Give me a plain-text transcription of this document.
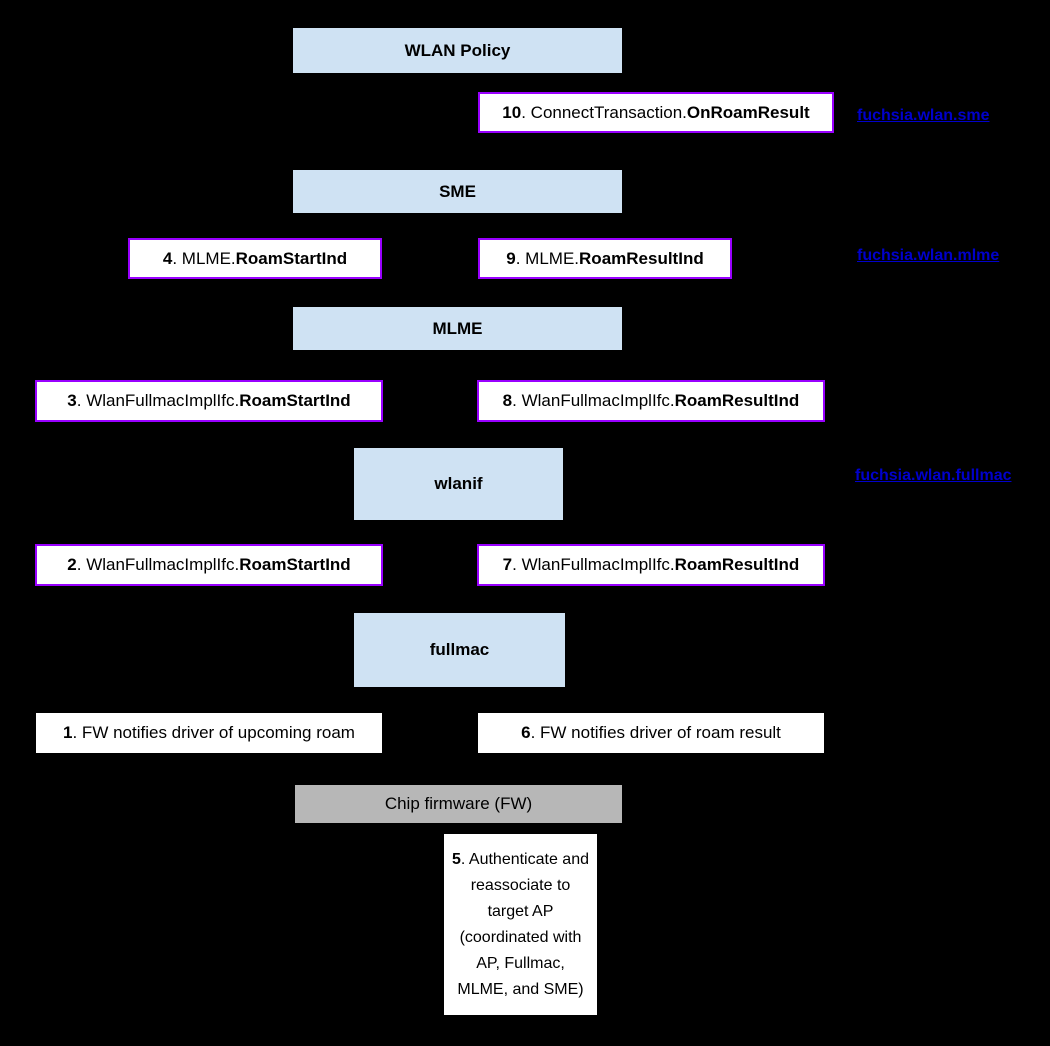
WLAN Policy
SME
MLME
wlanif
fullmac
Chip firmware (FW)
10. ConnectTransaction.OnRoamResult
4. MLME.RoamStartInd	9. MLME.RoamResultInd
3. WlanFullmacImplIfc.RoamStartInd	8. WlanFullmacImplIfc.RoamResultInd
2. WlanFullmacImplIfc.RoamStartInd	7. WlanFullmacImplIfc.RoamResultInd
1. FW notifies driver of upcoming roam	6. FW notifies driver of roam result
5. Authenticate and reassociate to target AP (coordinated with AP, Fullmac, MLME, and SME)
fuchsia.wlan.sme
fuchsia.wlan.mlme
fuchsia.wlan.fullmac
